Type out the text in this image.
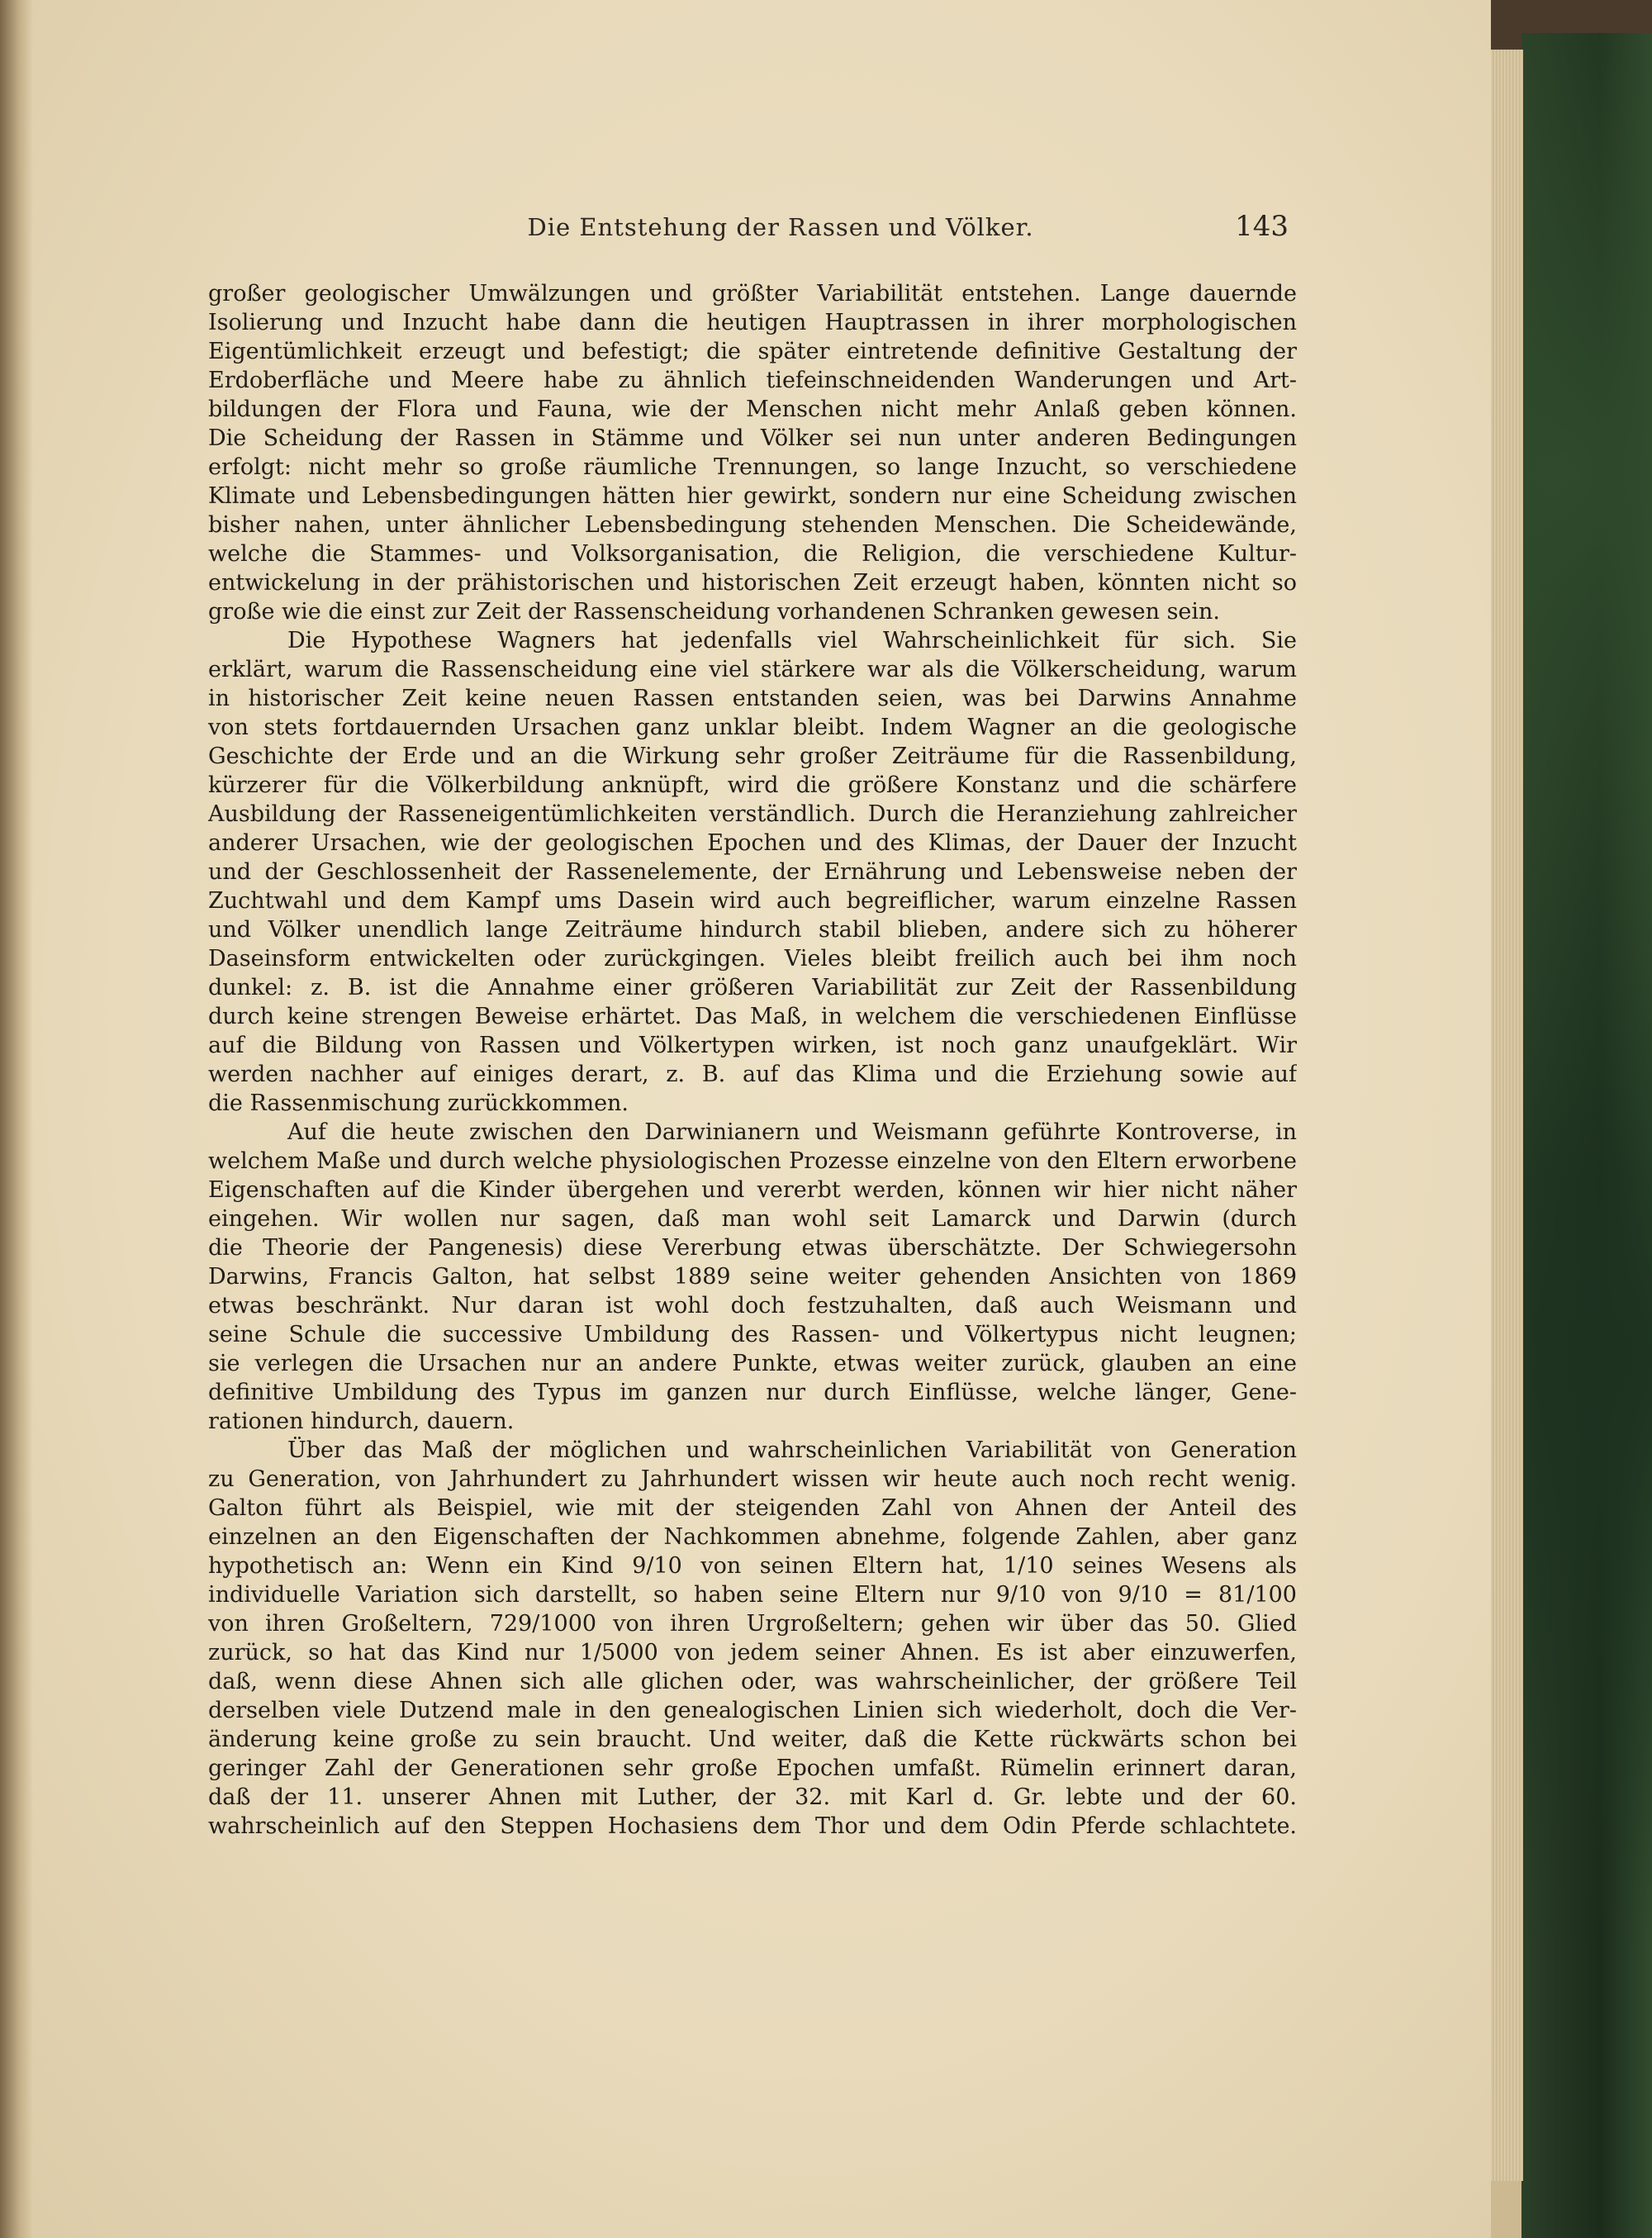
Die Entstehung der Rassen und Völker.	143
großer geologischer Umwälzungen und größter Variabilität entstehen. Lange dauernde
Isolierung und Inzucht habe dann die heutigen Hauptrassen in ihrer morphologischen
Eigentümlichkeit erzeugt und befestigt; die später eintretende definitive Gestaltung der
Erdoberfläche und Meere habe zu ähnlich tiefeinschneidenden Wanderungen und Art-
bildungen der Flora und Fauna, wie der Menschen nicht mehr Anlaß geben können.
Die Scheidung der Rassen in Stämme und Völker sei nun unter anderen Bedingungen
erfolgt: nicht mehr so große räumliche Trennungen, so lange Inzucht, so verschiedene
Klimate und Lebensbedingungen hätten hier gewirkt, sondern nur eine Scheidung zwischen
bisher nahen, unter ähnlicher Lebensbedingung stehenden Menschen. Die Scheidewände,
welche die Stammes- und Volksorganisation, die Religion, die verschiedene Kultur-
entwickelung in der prähistorischen und historischen Zeit erzeugt haben, könnten nicht so
große wie die einst zur Zeit der Rassenscheidung vorhandenen Schranken gewesen sein.
Die Hypothese Wagners hat jedenfalls viel Wahrscheinlichkeit für sich. Sie
erklärt, warum die Rassenscheidung eine viel stärkere war als die Völkerscheidung, warum
in historischer Zeit keine neuen Rassen entstanden seien, was bei Darwins Annahme
von stets fortdauernden Ursachen ganz unklar bleibt. Indem Wagner an die geologische
Geschichte der Erde und an die Wirkung sehr großer Zeiträume für die Rassenbildung,
kürzerer für die Völkerbildung anknüpft, wird die größere Konstanz und die schärfere
Ausbildung der Rasseneigentümlichkeiten verständlich. Durch die Heranziehung zahlreicher
anderer Ursachen, wie der geologischen Epochen und des Klimas, der Dauer der Inzucht
und der Geschlossenheit der Rassenelemente, der Ernährung und Lebensweise neben der
Zuchtwahl und dem Kampf ums Dasein wird auch begreiflicher, warum einzelne Rassen
und Völker unendlich lange Zeiträume hindurch stabil blieben, andere sich zu höherer
Daseinsform entwickelten oder zurückgingen. Vieles bleibt freilich auch bei ihm noch
dunkel: z. B. ist die Annahme einer größeren Variabilität zur Zeit der Rassenbildung
durch keine strengen Beweise erhärtet. Das Maß, in welchem die verschiedenen Einflüsse
auf die Bildung von Rassen und Völkertypen wirken, ist noch ganz unaufgeklärt. Wir
werden nachher auf einiges derart, z. B. auf das Klima und die Erziehung sowie auf
die Rassenmischung zurückkommen.
Auf die heute zwischen den Darwinianern und Weismann geführte Kontroverse, in
welchem Maße und durch welche physiologischen Prozesse einzelne von den Eltern erworbene
Eigenschaften auf die Kinder übergehen und vererbt werden, können wir hier nicht näher
eingehen. Wir wollen nur sagen, daß man wohl seit Lamarck und Darwin (durch
die Theorie der Pangenesis) diese Vererbung etwas überschätzte. Der Schwiegersohn
Darwins, Francis Galton, hat selbst 1889 seine weiter gehenden Ansichten von 1869
etwas beschränkt. Nur daran ist wohl doch festzuhalten, daß auch Weismann und
seine Schule die successive Umbildung des Rassen- und Völkertypus nicht leugnen;
sie verlegen die Ursachen nur an andere Punkte, etwas weiter zurück, glauben an eine
definitive Umbildung des Typus im ganzen nur durch Einflüsse, welche länger, Gene-
rationen hindurch, dauern.
Über das Maß der möglichen und wahrscheinlichen Variabilität von Generation
zu Generation, von Jahrhundert zu Jahrhundert wissen wir heute auch noch recht wenig.
Galton führt als Beispiel, wie mit der steigenden Zahl von Ahnen der Anteil des
einzelnen an den Eigenschaften der Nachkommen abnehme, folgende Zahlen, aber ganz
hypothetisch an: Wenn ein Kind 9/10 von seinen Eltern hat, 1/10 seines Wesens als
individuelle Variation sich darstellt, so haben seine Eltern nur 9/10 von 9/10 = 81/100
von ihren Großeltern, 729/1000 von ihren Urgroßeltern; gehen wir über das 50. Glied
zurück, so hat das Kind nur 1/5000 von jedem seiner Ahnen. Es ist aber einzuwerfen,
daß, wenn diese Ahnen sich alle glichen oder, was wahrscheinlicher, der größere Teil
derselben viele Dutzend male in den genealogischen Linien sich wiederholt, doch die Ver-
änderung keine große zu sein braucht. Und weiter, daß die Kette rückwärts schon bei
geringer Zahl der Generationen sehr große Epochen umfaßt. Rümelin erinnert daran,
daß der 11. unserer Ahnen mit Luther, der 32. mit Karl d. Gr. lebte und der 60.
wahrscheinlich auf den Steppen Hochasiens dem Thor und dem Odin Pferde schlachtete.
